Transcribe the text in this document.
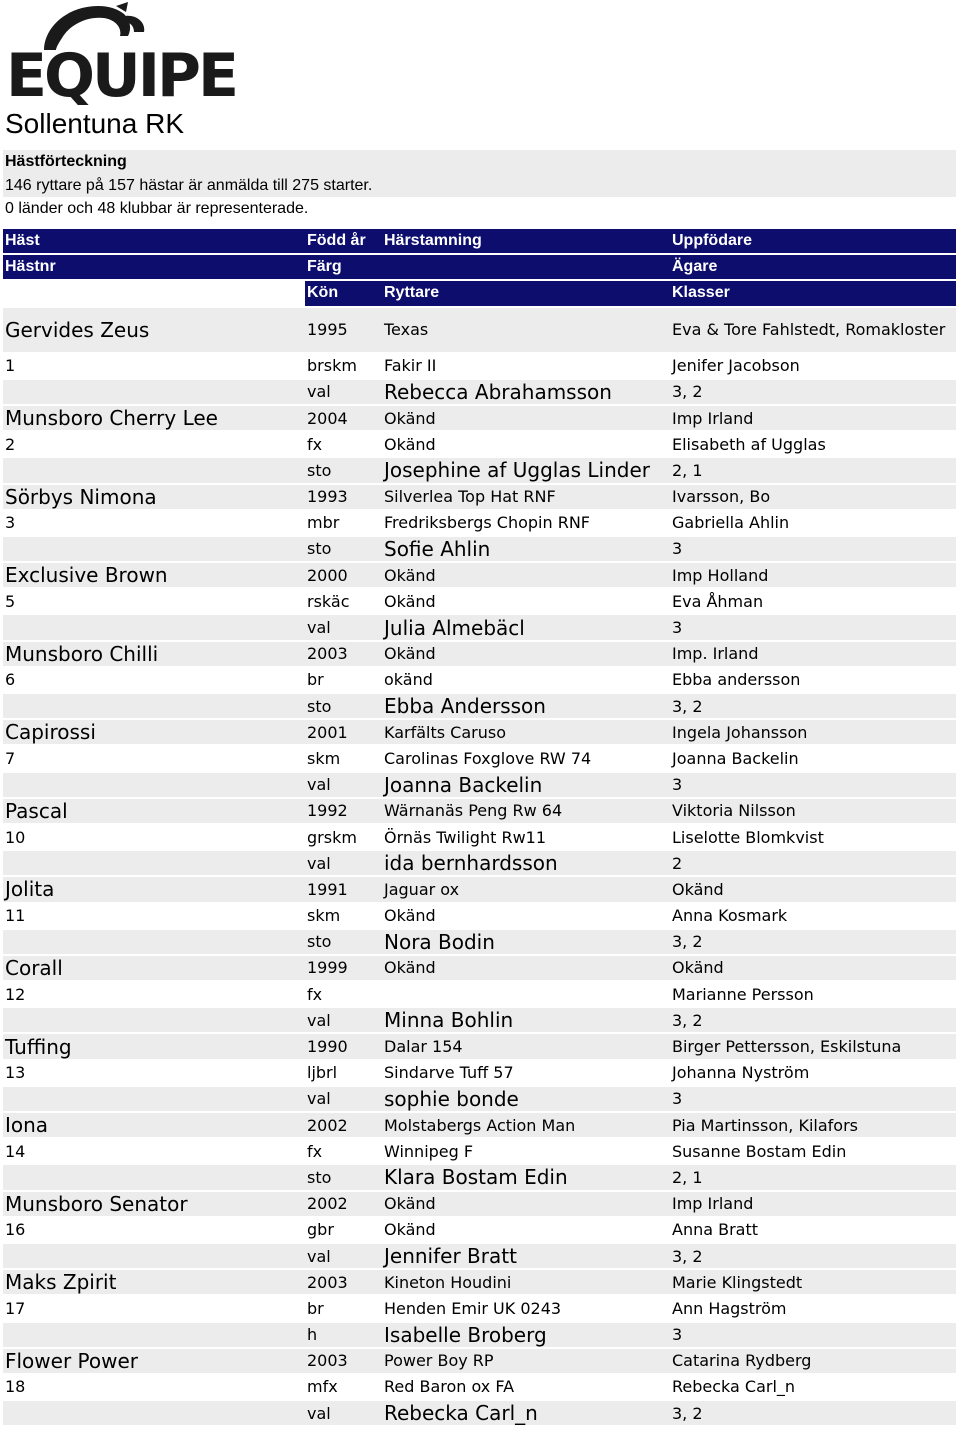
EQUIPE
Sollentuna RK
Hästförteckning
146 ryttare på 157 hästar är anmälda till 275 starter.
0 länder och 48 klubbar är representerade.
Häst	Född år	Härstamning	Uppfödare
Hästnr	Färg		Ägare
	Kön	Ryttare	Klasser
Gervides Zeus	1995	Texas	Eva & Tore Fahlstedt, Romakloster
1	brskm	Fakir II	Jenifer Jacobson
	val	Rebecca Abrahamsson	3, 2
Munsboro Cherry Lee	2004	Okänd	Imp Irland
2	fx	Okänd	Elisabeth af Ugglas
	sto	Josephine af Ugglas Linder	2, 1
Sörbys Nimona	1993	Silverlea Top Hat RNF	Ivarsson, Bo
3	mbr	Fredriksbergs Chopin RNF	Gabriella Ahlin
	sto	Sofie Ahlin	3
Exclusive Brown	2000	Okänd	Imp Holland
5	rskäc	Okänd	Eva Åhman
	val	Julia Almebäcl	3
Munsboro Chilli	2003	Okänd	Imp. Irland
6	br	okänd	Ebba andersson
	sto	Ebba Andersson	3, 2
Capirossi	2001	Karfälts Caruso	Ingela Johansson
7	skm	Carolinas Foxglove RW 74	Joanna Backelin
	val	Joanna Backelin	3
Pascal	1992	Wärnanäs Peng Rw 64	Viktoria Nilsson
10	grskm	Örnäs Twilight Rw11	Liselotte Blomkvist
	val	ida bernhardsson	2
Jolita	1991	Jaguar ox	Okänd
11	skm	Okänd	Anna Kosmark
	sto	Nora Bodin	3, 2
Corall	1999	Okänd	Okänd
12	fx		Marianne Persson
	val	Minna Bohlin	3, 2
Tuffing	1990	Dalar 154	Birger Pettersson, Eskilstuna
13	ljbrl	Sindarve Tuff 57	Johanna Nyström
	val	sophie bonde	3
Iona	2002	Molstabergs Action Man	Pia Martinsson, Kilafors
14	fx	Winnipeg F	Susanne Bostam Edin
	sto	Klara Bostam Edin	2, 1
Munsboro Senator	2002	Okänd	Imp Irland
16	gbr	Okänd	Anna Bratt
	val	Jennifer Bratt	3, 2
Maks Zpirit	2003	Kineton Houdini	Marie Klingstedt
17	br	Henden Emir UK 0243	Ann Hagström
	h	Isabelle Broberg	3
Flower Power	2003	Power Boy RP	Catarina Rydberg
18	mfx	Red Baron ox FA	Rebecka Carl_n
	val	Rebecka Carl_n	3, 2
